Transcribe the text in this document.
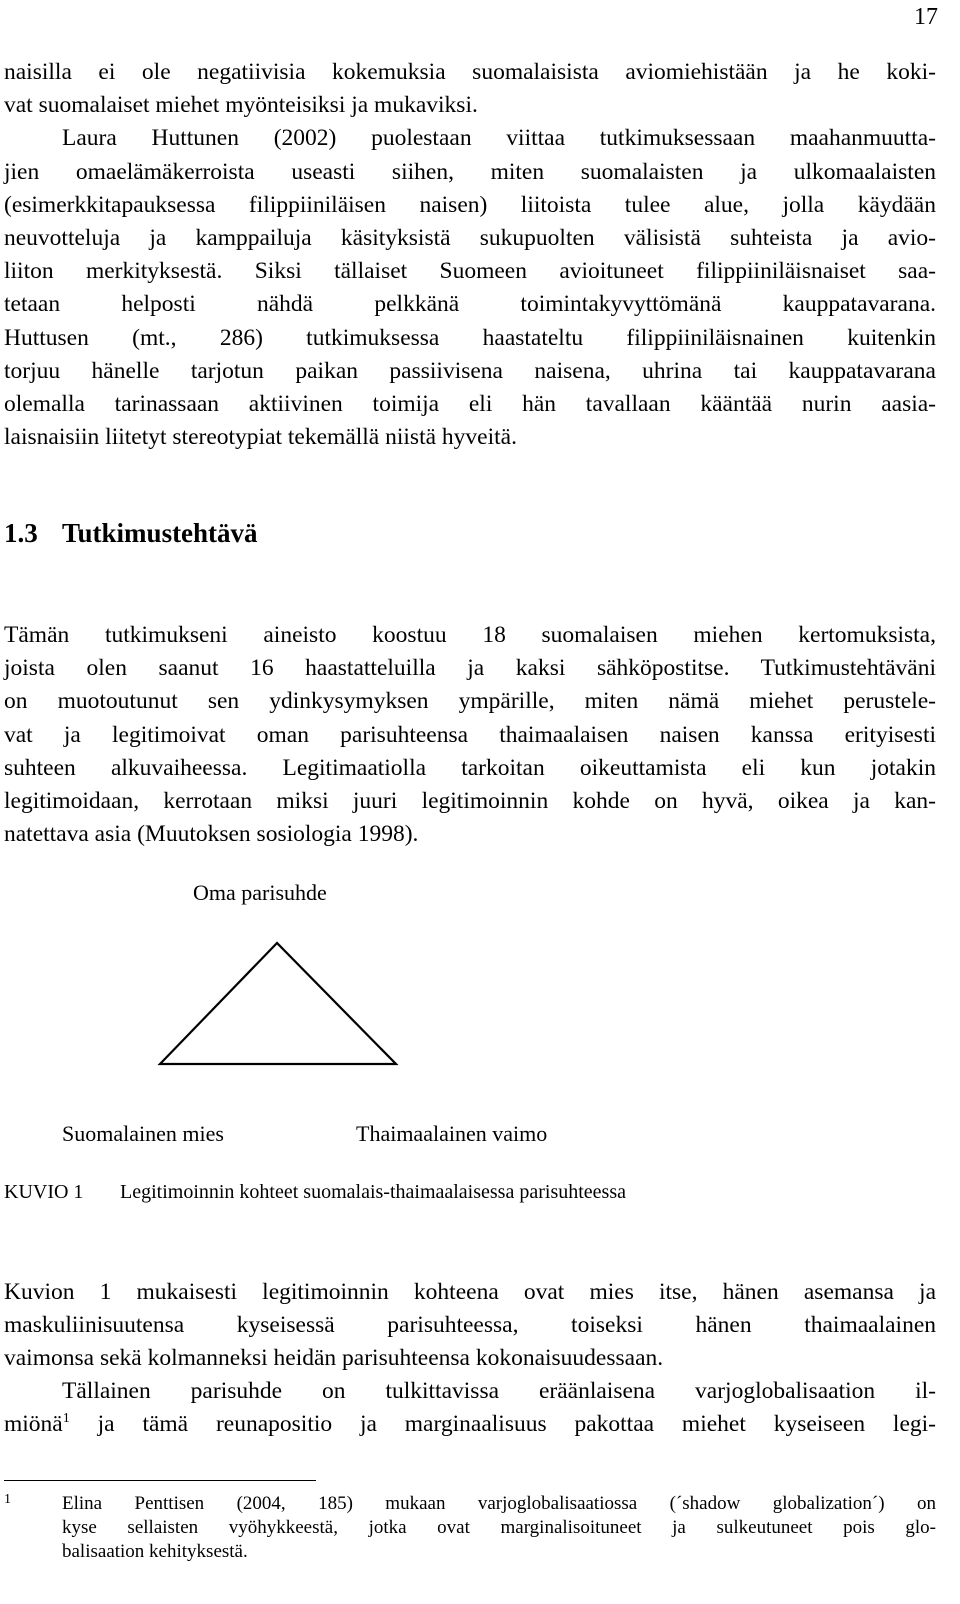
17
naisilla ei ole negatiivisia kokemuksia suomalaisista aviomiehistään ja he koki-
vat suomalaiset miehet myönteisiksi ja mukaviksi.
Laura Huttunen (2002) puolestaan viittaa tutkimuksessaan maahanmuutta-
jien omaelämäkerroista useasti siihen, miten suomalaisten ja ulkomaalaisten
(esimerkkitapauksessa filippiiniläisen naisen) liitoista tulee alue, jolla käydään
neuvotteluja ja kamppailuja käsityksistä sukupuolten välisistä suhteista ja avio-
liiton merkityksestä. Siksi tällaiset Suomeen avioituneet filippiiniläisnaiset saa-
tetaan helposti nähdä pelkkänä toimintakyvyttömänä kauppatavarana.
Huttusen (mt., 286) tutkimuksessa haastateltu filippiiniläisnainen kuitenkin
torjuu hänelle tarjotun paikan passiivisena naisena, uhrina tai kauppatavarana
olemalla tarinassaan aktiivinen toimija eli hän tavallaan kääntää nurin aasia-
laisnaisiin liitetyt stereotypiat tekemällä niistä hyveitä.
1.3 Tutkimustehtävä
Tämän tutkimukseni aineisto koostuu 18 suomalaisen miehen kertomuksista,
joista olen saanut 16 haastatteluilla ja kaksi sähköpostitse. Tutkimustehtäväni
on muotoutunut sen ydinkysymyksen ympärille, miten nämä miehet perustele-
vat ja legitimoivat oman parisuhteensa thaimaalaisen naisen kanssa erityisesti
suhteen alkuvaiheessa. Legitimaatiolla tarkoitan oikeuttamista eli kun jotakin
legitimoidaan, kerrotaan miksi juuri legitimoinnin kohde on hyvä, oikea ja kan-
natettava asia (Muutoksen sosiologia 1998).
Oma parisuhde
Suomalainen mies	Thaimaalainen vaimo
KUVIO 1 Legitimoinnin kohteet suomalais-thaimaalaisessa parisuhteessa
Kuvion 1 mukaisesti legitimoinnin kohteena ovat mies itse, hänen asemansa ja
maskuliinisuutensa kyseisessä parisuhteessa, toiseksi hänen thaimaalainen
vaimonsa sekä kolmanneksi heidän parisuhteensa kokonaisuudessaan.
Tällainen parisuhde on tulkittavissa eräänlaisena varjoglobalisaation il-
miönä$^1$ ja tämä reunapositio ja marginaalisuus pakottaa miehet kyseiseen legi-
1	Elina Penttisen (2004, 185) mukaan varjoglobalisaatiossa (´shadow globalization´) on
kyse sellaisten vyöhykkeestä, jotka ovat marginalisoituneet ja sulkeutuneet pois glo-
balisaation kehityksestä.
